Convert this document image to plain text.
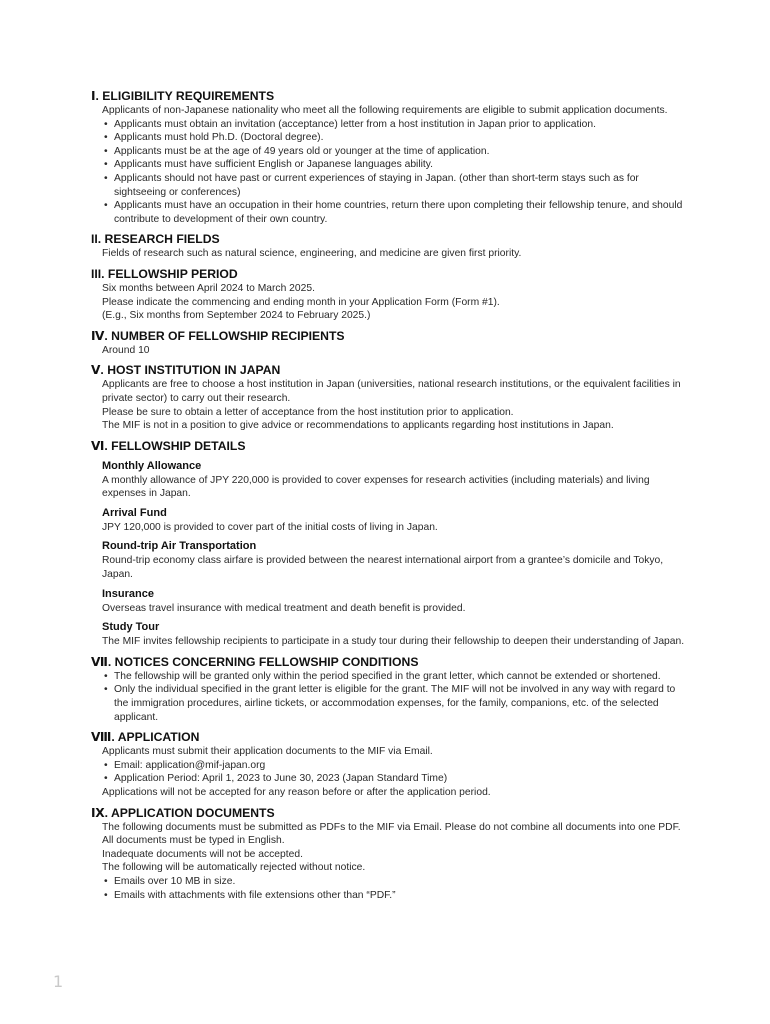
Ⅰ. ELIGIBILITY REQUIREMENTS

Applicants of non-Japanese nationality who meet all the following requirements are eligible to submit application documents.

• Applicants must obtain an invitation (acceptance) letter from a host institution in Japan prior to application.
• Applicants must hold Ph.D. (Doctoral degree).
• Applicants must be at the age of 49 years old or younger at the time of application.
• Applicants must have sufficient English or Japanese languages ability.
• Applicants should not have past or current experiences of staying in Japan. (other than short-term stays such as for sightseeing or conferences)
• Applicants must have an occupation in their home countries, return there upon completing their fellowship tenure, and should contribute to development of their own country.
II. RESEARCH FIELDS

Fields of research such as natural science, engineering, and medicine are given first priority.

III. FELLOWSHIP PERIOD

Six months between April 2024 to March 2025.

Please indicate the commencing and ending month in your Application Form (Form #1).

(E.g., Six months from September 2024 to February 2025.)

Ⅳ. NUMBER OF FELLOWSHIP RECIPIENTS

Around 10

Ⅴ. HOST INSTITUTION IN JAPAN

Applicants are free to choose a host institution in Japan (universities, national research institutions, or the equivalent facilities in private sector) to carry out their research.

Please be sure to obtain a letter of acceptance from the host institution prior to application.

The MIF is not in a position to give advice or recommendations to applicants regarding host institutions in Japan.

Ⅵ. FELLOWSHIP DETAILS
Monthly Allowance

A monthly allowance of JPY 220,000 is provided to cover expenses for research activities (including materials) and living expenses in Japan.

Arrival Fund

JPY 120,000 is provided to cover part of the initial costs of living in Japan.

Round-trip Air Transportation

Round-trip economy class airfare is provided between the nearest international airport from a grantee’s domicile and Tokyo, Japan.

Insurance

Overseas travel insurance with medical treatment and death benefit is provided.

Study Tour

The MIF invites fellowship recipients to participate in a study tour during their fellowship to deepen their understanding of Japan.

Ⅶ. NOTICES CONCERNING FELLOWSHIP CONDITIONS
• The fellowship will be granted only within the period specified in the grant letter, which cannot be extended or shortened.
• Only the individual specified in the grant letter is eligible for the grant. The MIF will not be involved in any way with regard to the immigration procedures, airline tickets, or accommodation expenses, for the family, companions, etc. of the selected applicant.
Ⅷ. APPLICATION

Applicants must submit their application documents to the MIF via Email.

• Email: application@mif-japan.org
• Application Period: April 1, 2023 to June 30, 2023 (Japan Standard Time)

Applications will not be accepted for any reason before or after the application period.

Ⅸ. APPLICATION DOCUMENTS

The following documents must be submitted as PDFs to the MIF via Email. Please do not combine all documents into one PDF.

All documents must be typed in English.

Inadequate documents will not be accepted.

The following will be automatically rejected without notice.

• Emails over 10 MB in size.
• Emails with attachments with file extensions other than “PDF.”
1
